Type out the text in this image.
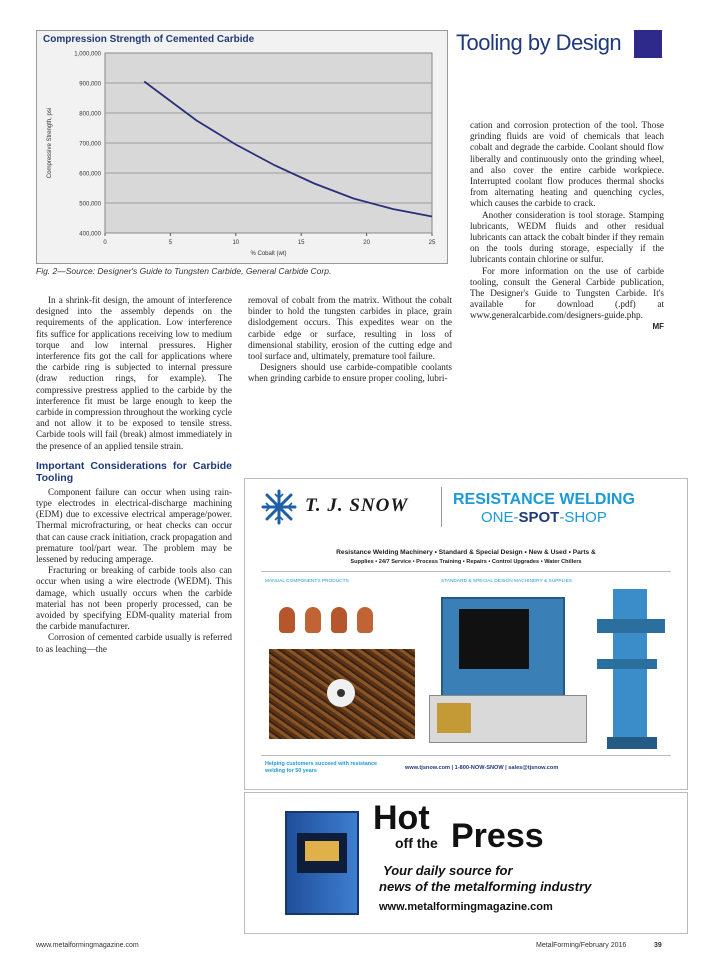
Compression Strength of Cemented Carbide
1,000,000
900,000
800,000
700,000
600,000
500,000
400,000
0	5	10	15	20	25
% Cobalt (wt)
Compressive Strength, psi
Fig. 2—Source: Designer's Guide to Tungsten Carbide, General Carbide Corp.
Tooling by Design

cation and corrosion protection of the tool. Those grinding fluids are void of chemicals that leach cobalt and degrade the carbide. Coolant should flow liberally and continuously onto the grinding wheel, and also cover the entire carbide workpiece. Interrupted coolant flow produces thermal shocks from alternating heating and quenching cycles, which causes the carbide to crack.

Another consideration is tool storage. Stamping lubricants, WEDM fluids and other residual lubricants can attack the cobalt binder if they remain on the tools during storage, especially if the lubricants contain chlorine or sulfur.

For more information on the use of carbide tooling, consult the General Carbide publication, The Designer's Guide to Tungsten Carbide. It's available for download (.pdf) at www.generalcarbide.com/designers-guide.php.

MF

In a shrink-fit design, the amount of interference designed into the assembly depends on the requirements of the application. Low interference fits suffice for applications receiving low to medium torque and low internal pressures. Higher interference fits got the call for applications where the carbide ring is subjected to internal pressure (draw reduction rings, for example). The compressive prestress applied to the carbide by the interference fit must be large enough to keep the carbide in compression throughout the working cycle and not allow it to be exposed to tensile stress. Carbide tools will fail (break) almost immediately in the presence of an applied tensile strain.

Important Considerations for Carbide Tooling

Component failure can occur when using rain-type electrodes in electrical-discharge machining (EDM) due to excessive electrical amperage/power. Thermal microfracturing, or heat checks can occur that can cause crack initiation, crack propagation and premature tool/part wear. The problem may be lessened by reducing amperage.

Fracturing or breaking of carbide tools also can occur when using a wire electrode (WEDM). This damage, which usually occurs when the carbide material has not been properly processed, can be avoided by specifying EDM-quality material from the carbide manufacturer.

Corrosion of cemented carbide usually is referred to as leaching—the

removal of cobalt from the matrix. Without the cobalt binder to hold the tungsten carbides in place, grain dislodgement occurs. This expedites wear on the carbide edge or surface, resulting in loss of dimensional stability, erosion of the cutting edge and tool surface and, ultimately, premature tool failure.

Designers should use carbide-compatible coolants when grinding carbide to ensure proper cooling, lubri-

T. J. SNOW	RESISTANCE WELDING
ONE-SPOT-SHOP
Resistance Welding Machinery • Standard & Special Design • New & Used • Parts &
Supplies • 24/7 Service • Process Training • Repairs • Control Upgrades • Water Chillers
MANUAL COMPONENTS PRODUCTS	STANDARD & SPECIAL DESIGN MACHINERY & SUPPLIES
Helping customers succeed with resistance welding for 50 years	www.tjsnow.com | 1-800-NOW-SNOW | sales@tjsnow.com
Hot
off the Press
Your daily source for
news of the metalforming industry
www.metalformingmagazine.com
www.metalformingmagazine.com	MetalForming/February 2016	39
